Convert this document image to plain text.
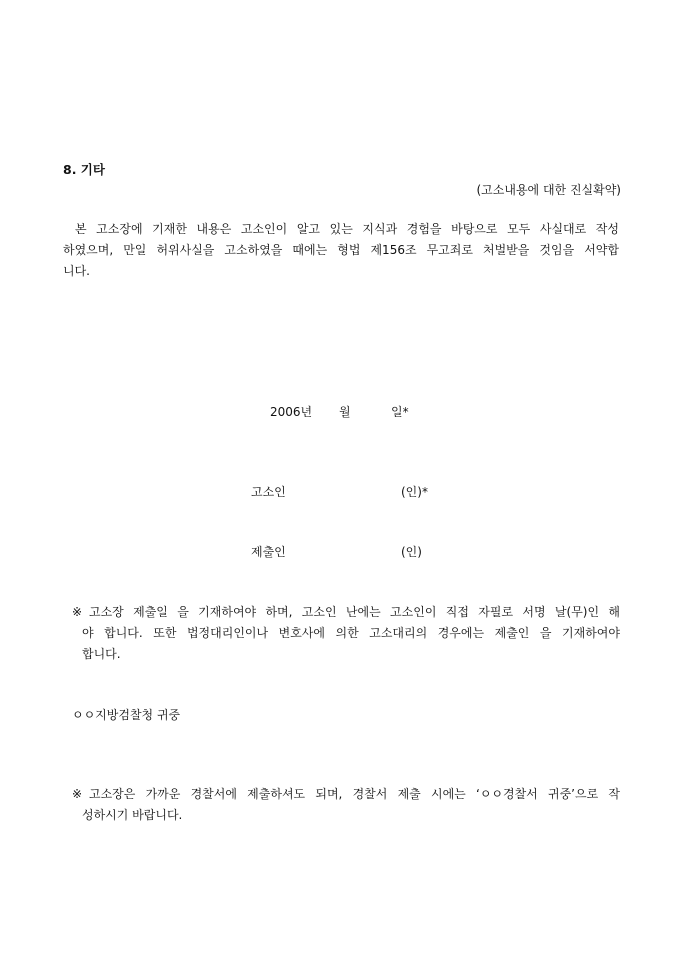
8. 기타
(고소내용에 대한 진실확약)
본 고소장에 기재한 내용은 고소인이 알고 있는 지식과 경험을 바탕으로 모두 사실대로 작성
하였으며, 만일 허위사실을 고소하였을 때에는 형법 제156조 무고죄로 처벌받을 것임을 서약합
니다.
2006년 월	일*
고소인	(인)*
제출인	(인)
※ 고소장 제출일 을 기재하여야 하며, 고소인 난에는 고소인이 직접 자필로 서명 날(무)인 해
야 합니다. 또한 법정대리인이나 변호사에 의한 고소대리의 경우에는 제출인 을 기재하여야
합니다.
ㅇㅇ지방검찰청 귀중
※ 고소장은 가까운 경찰서에 제출하셔도 되며, 경찰서 제출 시에는 ‘ㅇㅇ경찰서 귀중’으로 작
성하시기 바랍니다.
